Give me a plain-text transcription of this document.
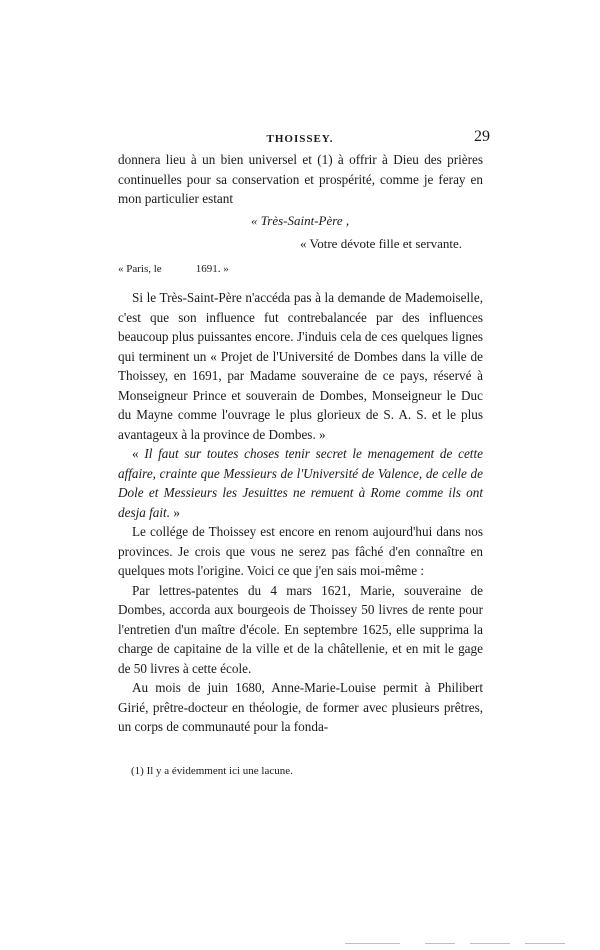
THOISSEY.	29

donnera lieu à un bien universel et (1) à offrir à Dieu des prières continuelles pour sa conservation et prospérité, comme je feray en mon particulier estant

« Très-Saint-Père ,

« Votre dévote fille et servante.

« Paris, le	1691. »

Si le Très-Saint-Père n'accéda pas à la demande de Mademoiselle, c'est que son influence fut contrebalancée par des influences beaucoup plus puissantes encore. J'induis cela de ces quelques lignes qui terminent un « Projet de l'Université de Dombes dans la ville de Thoissey, en 1691, par Madame souveraine de ce pays, réservé à Monseigneur Prince et souverain de Dombes, Monseigneur le Duc du Mayne comme l'ouvrage le plus glorieux de S. A. S. et le plus avantageux à la province de Dombes. »

« Il faut sur toutes choses tenir secret le menagement de cette affaire, crainte que Messieurs de l'Université de Valence, de celle de Dole et Messieurs les Jesuittes ne remuent à Rome comme ils ont desja fait. »

Le collége de Thoissey est encore en renom aujourd'hui dans nos provinces. Je crois que vous ne serez pas fâché d'en connaître en quelques mots l'origine. Voici ce que j'en sais moi-même :

Par lettres-patentes du 4 mars 1621, Marie, souveraine de Dombes, accorda aux bourgeois de Thoissey 50 livres de rente pour l'entretien d'un maître d'école. En septembre 1625, elle supprima la charge de capitaine de la ville et de la châtellenie, et en mit le gage de 50 livres à cette école.

Au mois de juin 1680, Anne-Marie-Louise permit à Philibert Girié, prêtre-docteur en théologie, de former avec plusieurs prêtres, un corps de communauté pour la fonda-

(1) Il y a évidemment ici une lacune.
